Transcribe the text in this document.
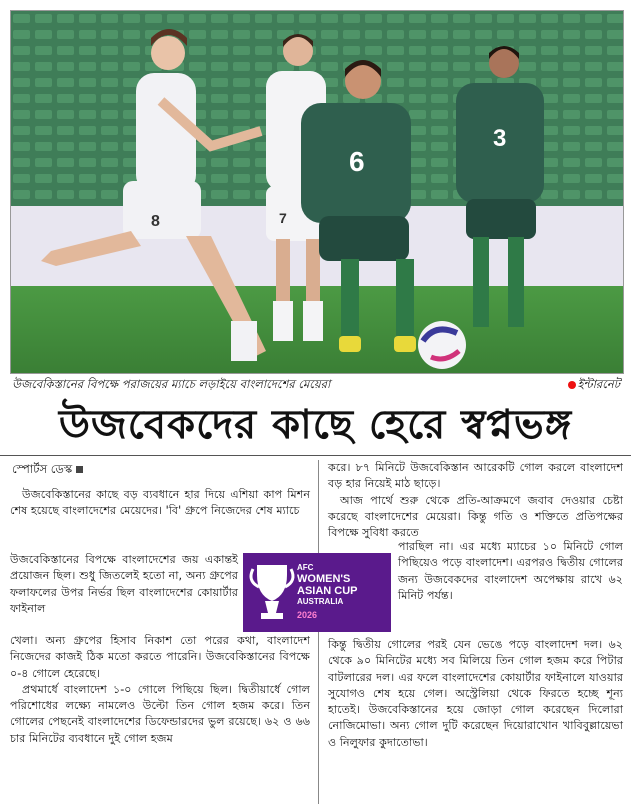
8	7
6
3
উজবেকিস্তানের বিপক্ষে পরাজয়ের ম্যাচে লড়াইয়ে বাংলাদেশের মেয়েরা	ইন্টারনেট
উজবেকদের কাছে হেরে স্বপ্নভঙ্গ
স্পোর্টস ডেস্ক

উজবেকিস্তানের কাছে বড় ব্যবধানে হার দিয়ে এশিয়া কাপ মিশন শেষ হয়েছে বাংলাদেশের মেয়েদের। 'বি' গ্রুপে নিজেদের শেষ ম্যাচে

উজবেকিস্তানের বিপক্ষে বাংলাদেশের জয় একান্তই প্রয়োজন ছিল। শুধু জিতলেই হতো না, অন্য গ্রুপের ফলাফলের উপর নির্ভর ছিল বাংলাদেশের কোয়ার্টার ফাইনাল

খেলা। অন্য গ্রুপের হিসাব নিকাশ তো পরের কথা, বাংলাদেশ নিজেদের কাজই ঠিক মতো করতে পারেনি। উজবেকিস্তানের বিপক্ষে ০-৪ গোলে হেরেছে।

প্রথমার্ধে বাংলাদেশ ১-০ গোলে পিছিয়ে ছিল। দ্বিতীয়ার্ধে গোল পরিশোধের লক্ষ্যে নামলেও উল্টো তিন গোল হজম করে। তিন গোলের পেছনেই বাংলাদেশের ডিফেন্ডারদের ভুল রয়েছে। ৬২ ও ৬৬ চার মিনিটের ব্যবধানে দুই গোল হজম

করে। ৮৭ মিনিটে উজবেকিস্তান আরেকটি গোল করলে বাংলাদেশ বড় হার নিয়েই মাঠ ছাড়ে।

আজ পার্থে শুরু থেকে প্রতি-আক্রমণে জবাব দেওয়ার চেষ্টা করেছে বাংলাদেশের মেয়েরা। কিন্তু গতি ও শক্তিতে প্রতিপক্ষের বিপক্ষে সুবিধা করতে

পারছিল না। এর মধ্যে ম্যাচের ১০ মিনিটে গোল পিছিয়েও পড়ে বাংলাদেশ। এরপরও দ্বিতীয় গোলের জন্য উজবেকদের বাংলাদেশ অপেক্ষায় রাখে ৬২ মিনিট পর্যন্ত।

কিন্তু দ্বিতীয় গোলের পরই যেন ভেঙে পড়ে বাংলাদেশ দল। ৬২ থেকে ৯০ মিনিটের মধ্যে সব মিলিয়ে তিন গোল হজম করে পিটার বাটলারের দল। এর ফলে বাংলাদেশের কোয়ার্টার ফাইনালে যাওয়ার সুযোগও শেষ হয়ে গেল। অস্ট্রেলিয়া থেকে ফিরতে হচ্ছে শূন্য হাতেই। উজবেকিস্তানের হয়ে জোড়া গোল করেছেন দিলোরা নোজিমোভা। অন্য গোল দুটি করেছেন দিয়োরাখোন খাবিবুল্লায়েভা ও নিলুফার কুদাতোভা।

AFC
WOMEN'S
ASIAN CUP
AUSTRALIA
2026
